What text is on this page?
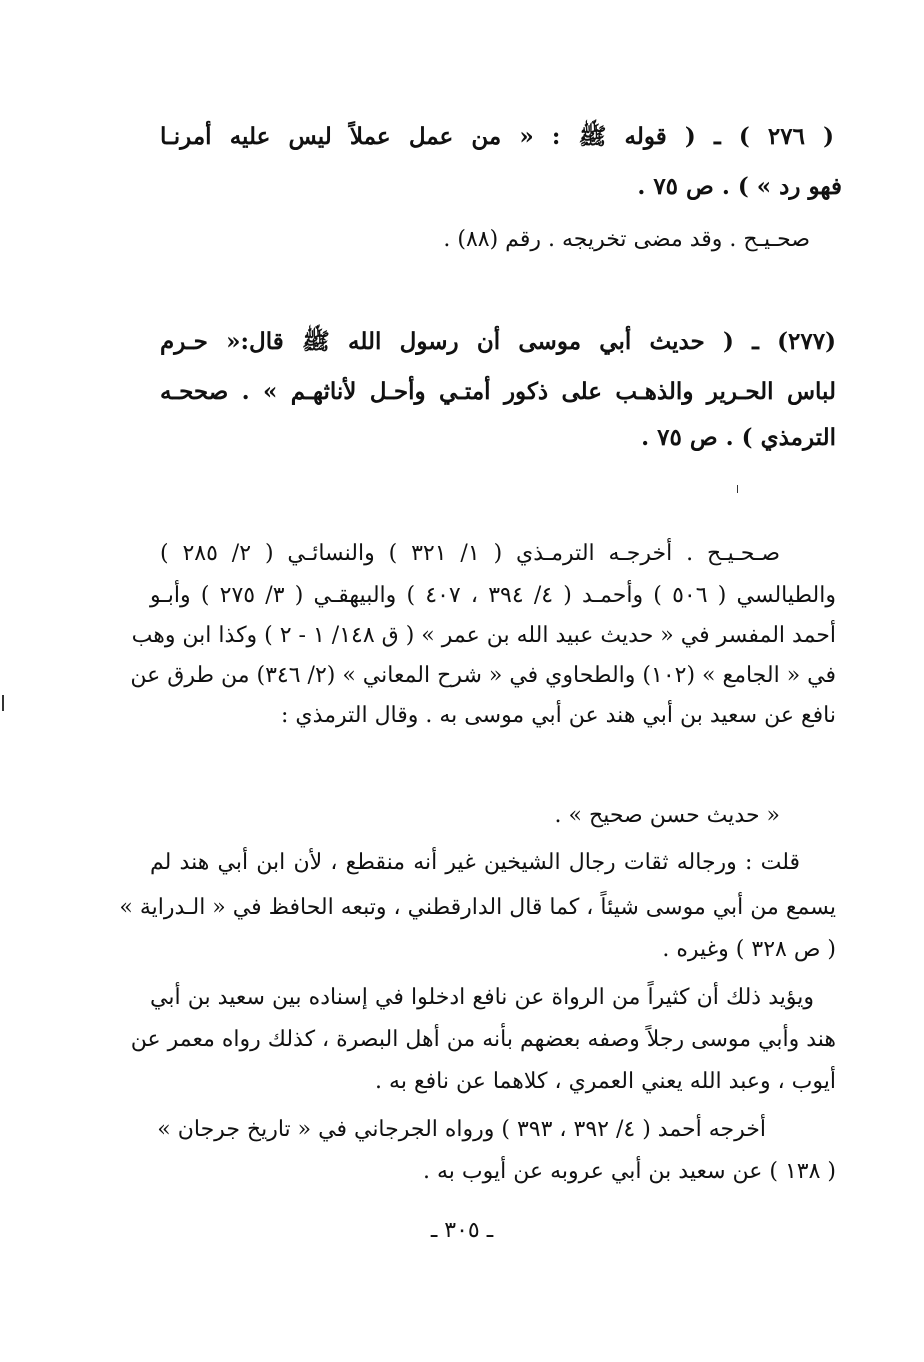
( ٢٧٦ ) ـ ( قوله ﷺ : « من عمل عملاً ليس عليه أمرنـا
فهو رد » ) . ص ٧٥ .
صحـيـح . وقد مضى تخريجه . رقم (٨٨) .
(٢٧٧) ـ ( حديث أبي موسى أن رسول الله ﷺ قال:« حـرم
لباس الحـرير والذهـب على ذكور أمتـي وأحـل لأناثهـم » . صححـه
الترمذي ) . ص ٧٥ .
صـحـيـح . أخرجـه الترمـذي ( ١/ ٣٢١ ) والنسائـي ( ٢/ ٢٨٥ )
والطيالسي ( ٥٠٦ ) وأحمـد ( ٤/ ٣٩٤ ، ٤٠٧ ) والبيهقـي ( ٣/ ٢٧٥ ) وأبـو
أحمد المفسر في « حديث عبيد الله بن عمر » ( ق ١٤٨/ ١ - ٢ ) وكذا ابن وهب
في « الجامع » (١٠٢) والطحاوي في « شرح المعاني » (٢/ ٣٤٦) من طرق عن
نافع عن سعيد بن أبي هند عن أبي موسى به . وقال الترمذي :
« حديث حسن صحيح » .
قلت : ورجاله ثقات رجال الشيخين غير أنه منقطع ، لأن ابن أبي هند لم
يسمع من أبي موسى شيئاً ، كما قال الدارقطني ، وتبعه الحافظ في « الـدراية »
( ص ٣٢٨ ) وغيره .
ويؤيد ذلك أن كثيراً من الرواة عن نافع ادخلوا في إسناده بين سعيد بن أبي
هند وأبي موسى رجلاً وصفه بعضهم بأنه من أهل البصرة ، كذلك رواه معمر عن
أيوب ، وعبد الله يعني العمري ، كلاهما عن نافع به .
أخرجه أحمد ( ٤/ ٣٩٢ ، ٣٩٣ ) ورواه الجرجاني في « تاريخ جرجان »
( ١٣٨ ) عن سعيد بن أبي عروبه عن أيوب به .
ـ ٣٠٥ ـ
